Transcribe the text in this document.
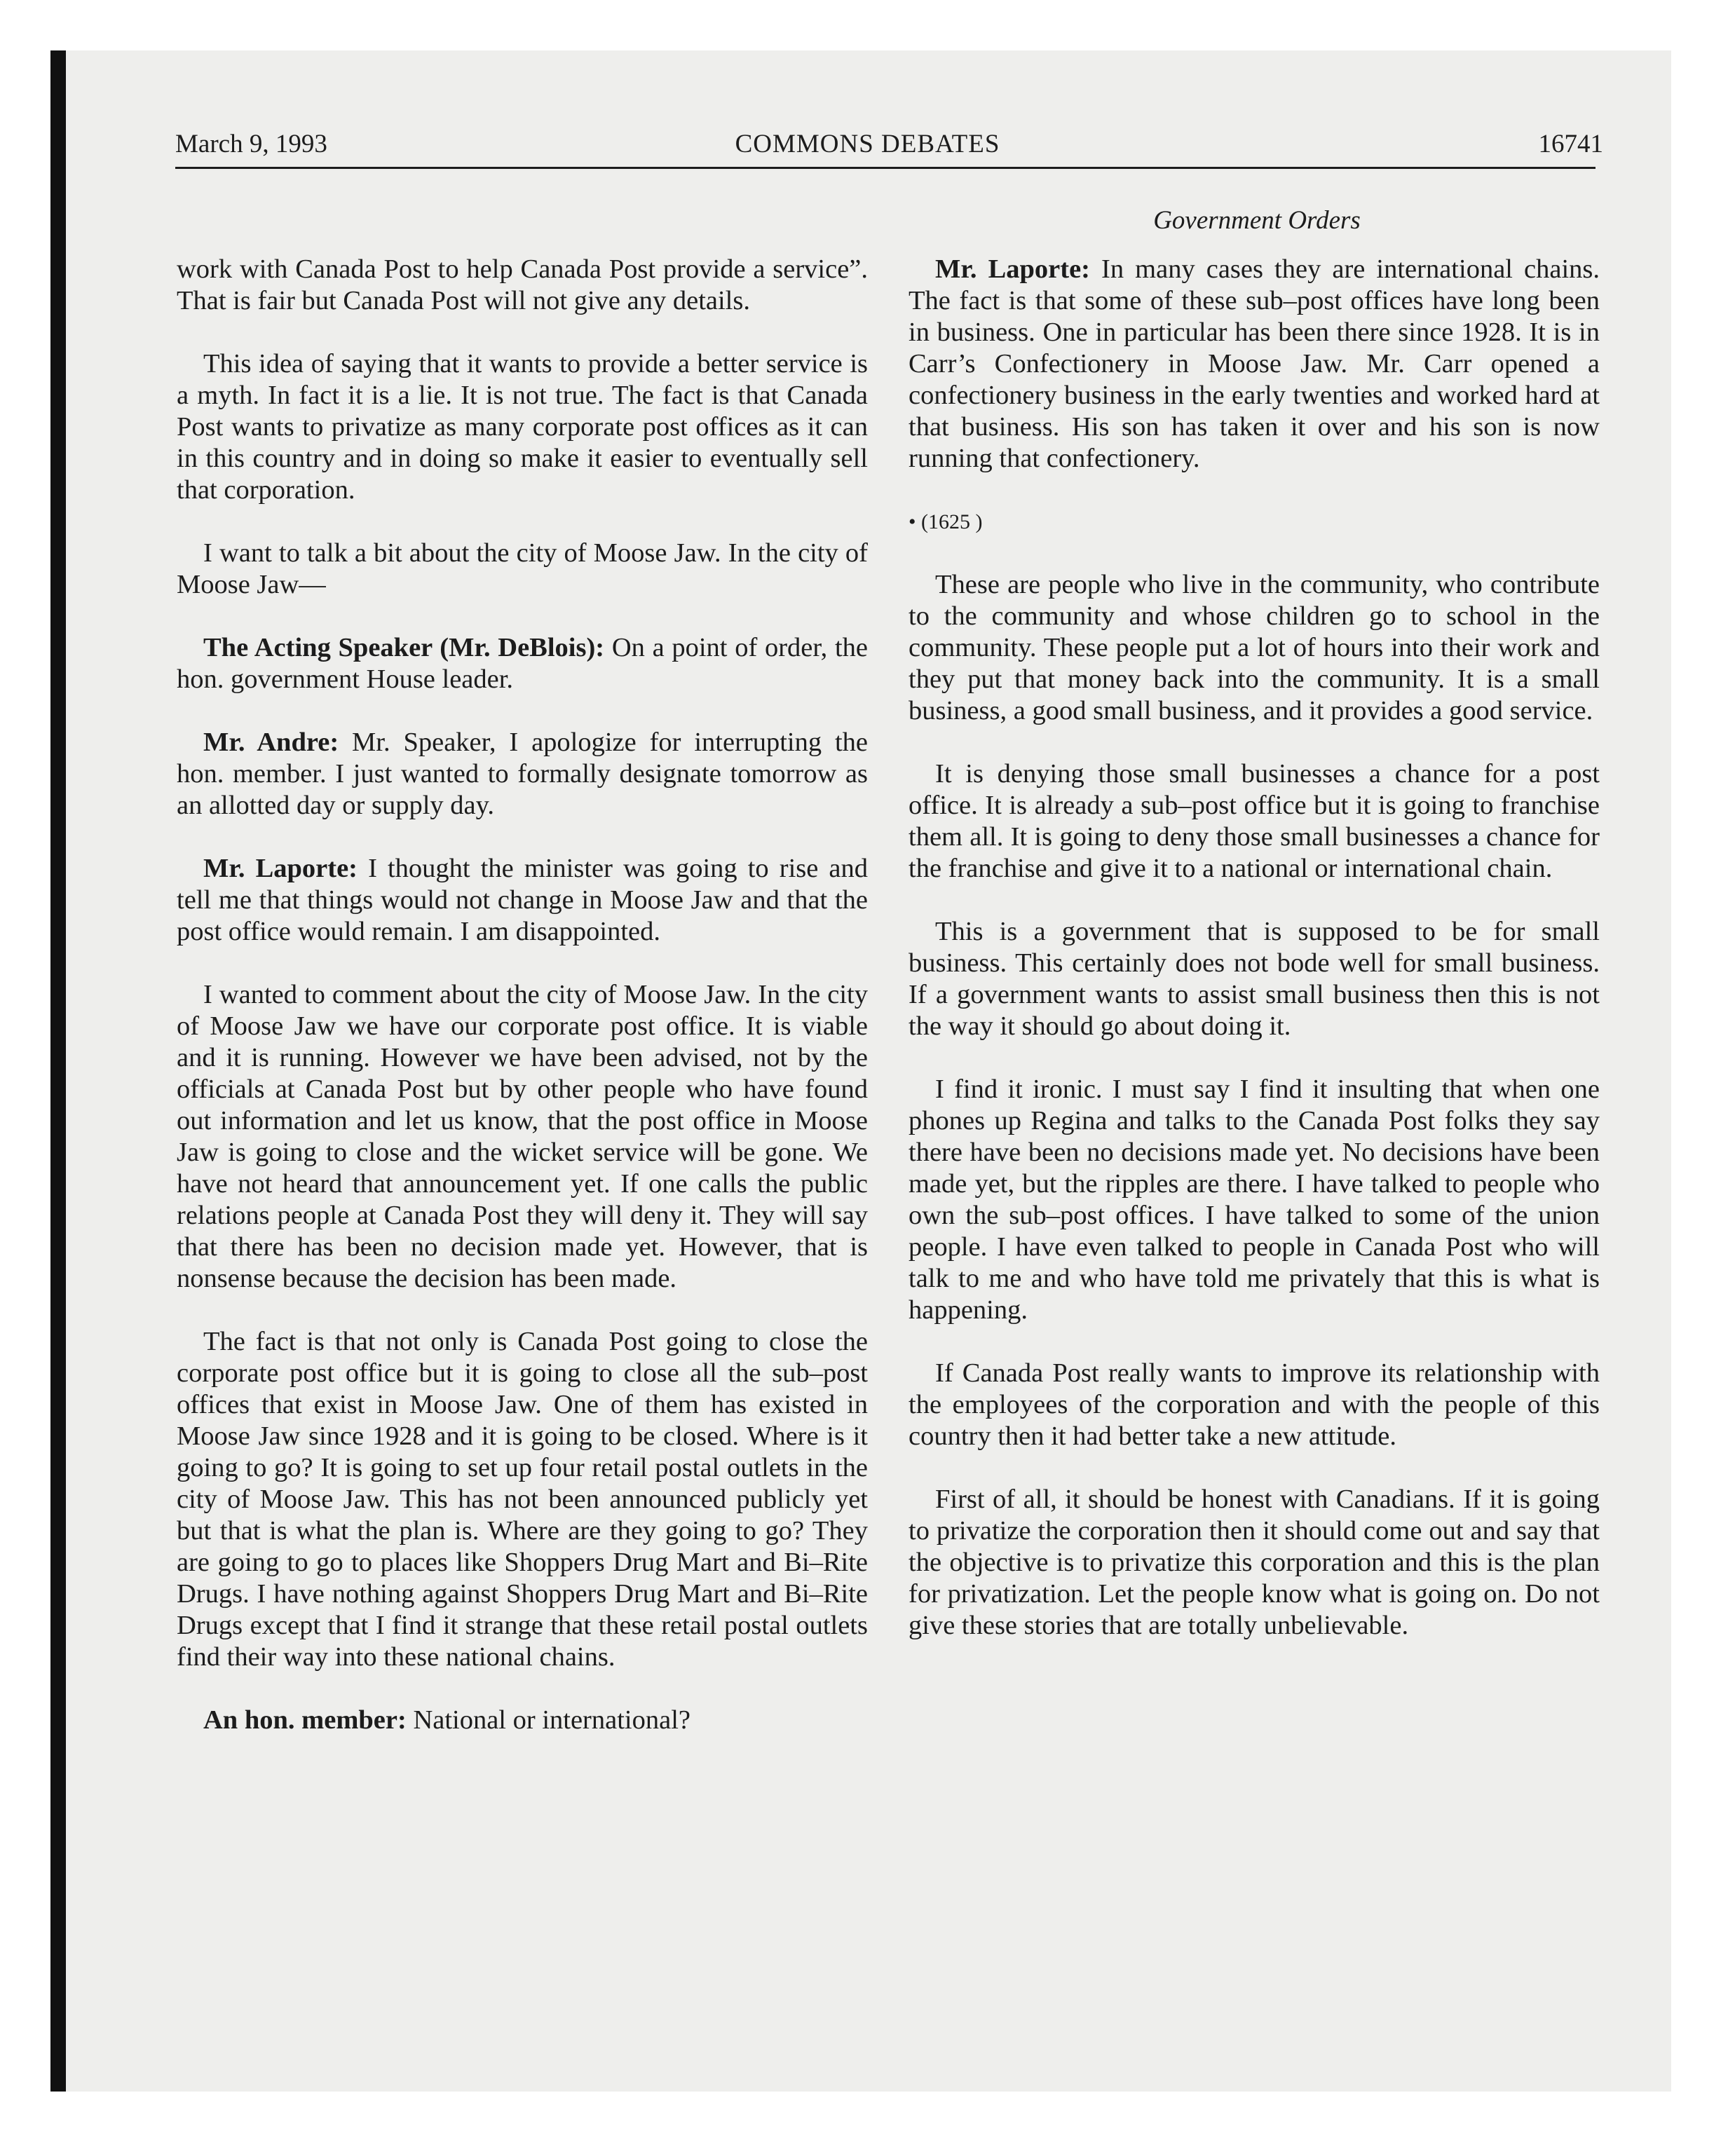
March 9, 1993	COMMONS DEBATES	16741
Government Orders

work with Canada Post to help Canada Post provide a service”. That is fair but Canada Post will not give any details.

This idea of saying that it wants to provide a better service is a myth. In fact it is a lie. It is not true. The fact is that Canada Post wants to privatize as many corporate post offices as it can in this country and in doing so make it easier to eventually sell that corporation.

I want to talk a bit about the city of Moose Jaw. In the city of Moose Jaw—

The Acting Speaker (Mr. DeBlois): On a point of order, the hon. government House leader.

Mr. Andre: Mr. Speaker, I apologize for interrupting the hon. member. I just wanted to formally designate tomorrow as an allotted day or supply day.

Mr. Laporte: I thought the minister was going to rise and tell me that things would not change in Moose Jaw and that the post office would remain. I am disappointed.

I wanted to comment about the city of Moose Jaw. In the city of Moose Jaw we have our corporate post office. It is viable and it is running. However we have been advised, not by the officials at Canada Post but by other people who have found out information and let us know, that the post office in Moose Jaw is going to close and the wicket service will be gone. We have not heard that announcement yet. If one calls the public relations people at Canada Post they will deny it. They will say that there has been no decision made yet. However, that is nonsense because the decision has been made.

The fact is that not only is Canada Post going to close the corporate post office but it is going to close all the sub–post offices that exist in Moose Jaw. One of them has existed in Moose Jaw since 1928 and it is going to be closed. Where is it going to go? It is going to set up four retail postal outlets in the city of Moose Jaw. This has not been announced publicly yet but that is what the plan is. Where are they going to go? They are going to go to places like Shoppers Drug Mart and Bi–Rite Drugs. I have nothing against Shoppers Drug Mart and Bi–Rite Drugs except that I find it strange that these retail postal outlets find their way into these national chains.

An hon. member: National or international?

Mr. Laporte: In many cases they are international chains. The fact is that some of these sub–post offices have long been in business. One in particular has been there since 1928. It is in Carr’s Confectionery in Moose Jaw. Mr. Carr opened a confectionery business in the early twenties and worked hard at that business. His son has taken it over and his son is now running that confectionery.

• (1625 )

These are people who live in the community, who contribute to the community and whose children go to school in the community. These people put a lot of hours into their work and they put that money back into the community. It is a small business, a good small business, and it provides a good service.

It is denying those small businesses a chance for a post office. It is already a sub–post office but it is going to franchise them all. It is going to deny those small businesses a chance for the franchise and give it to a national or international chain.

This is a government that is supposed to be for small business. This certainly does not bode well for small business. If a government wants to assist small business then this is not the way it should go about doing it.

I find it ironic. I must say I find it insulting that when one phones up Regina and talks to the Canada Post folks they say there have been no decisions made yet. No decisions have been made yet, but the ripples are there. I have talked to people who own the sub–post offices. I have talked to some of the union people. I have even talked to people in Canada Post who will talk to me and who have told me privately that this is what is happening.

If Canada Post really wants to improve its relationship with the employees of the corporation and with the people of this country then it had better take a new attitude.

First of all, it should be honest with Canadians. If it is going to privatize the corporation then it should come out and say that the objective is to privatize this corporation and this is the plan for privatization. Let the people know what is going on. Do not give these stories that are totally unbelievable.
